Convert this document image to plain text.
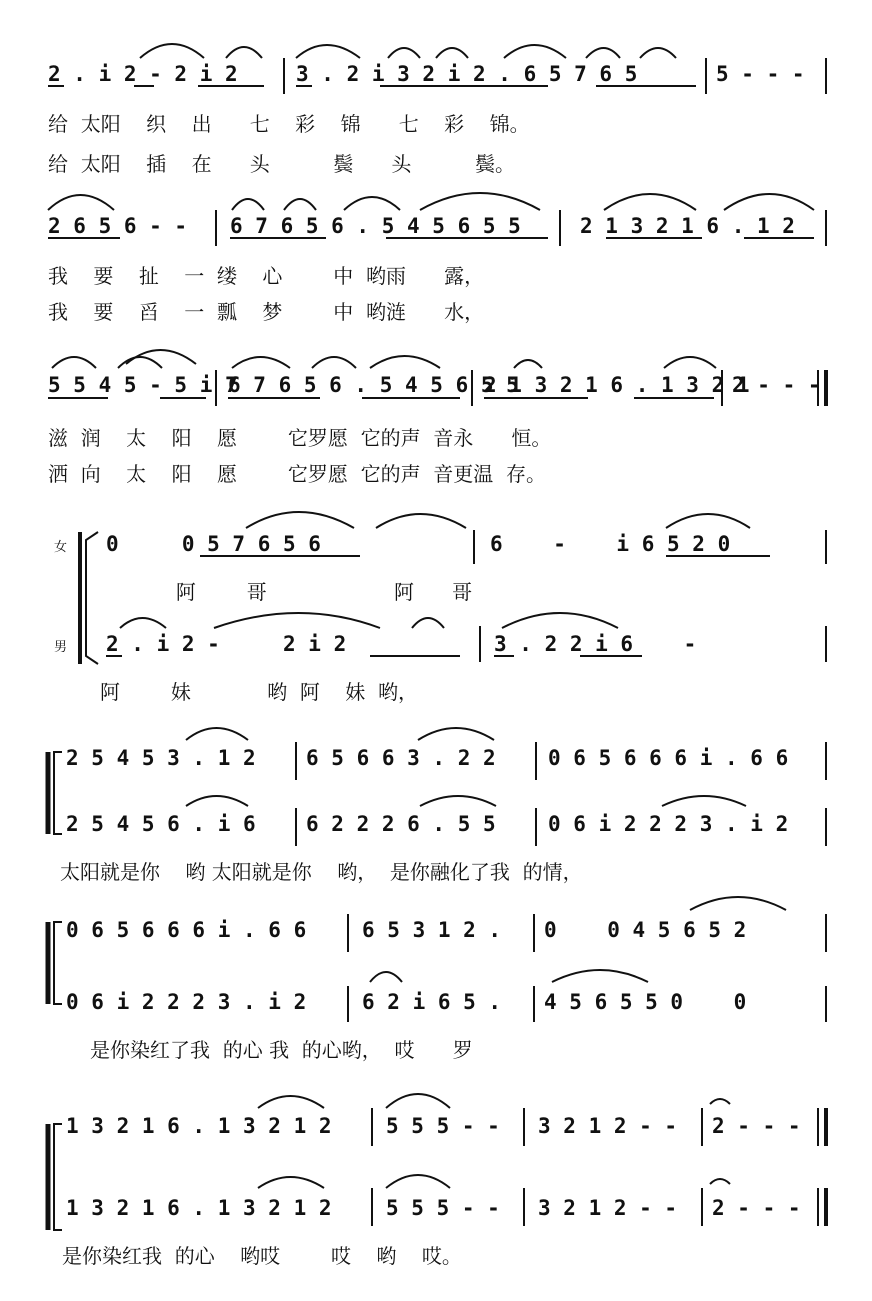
2 . i 2 - 2 i 2	3 . 2 i 3 2 i 2 . 6 5 7 6 5	5 - - -
给  太阳    织    出      七    彩    锦      七    彩    锦。
给  太阳    插    在      头          鬓      头          鬓。
2 6 5 6 - - 6 7 6 5 6 . 5 4 5 6 5 5	2 1 3 2 1 6 . 1 2
我    要    扯    一  缕    心        中  哟雨      露，
我    要    舀    一  瓢    梦        中  哟涟      水，
5 5 4 5 - 5 i 7
6 7 6 5 6 . 5 4 5 6 5 5
2 1 3 2 1 6 . 1 3 2 1
2 - - -
滋  润    太    阳    愿        它罗愿  它的声  音永      恒。
洒  向    太    阳    愿        它罗愿  它的声  音更温  存。
女
男
0     0 5 7 6 5 6	6    -    i 6 5 2 0
阿        哥                    阿      哥
2 . i 2 -     2 i 2	3 . 2 2 i 6    -
阿        妹            哟  阿    妹  哟，
2 5 4 5 3 . 1 2 6 5 6 6 3 . 2 2 0 6 5 6 6 6 i . 6 6
2 5 4 5 6 . i 6 6 2 2 2 6 . 5 5 0 6 i 2 2 2 3 . i 2
太阳就是你    哟 太阳就是你    哟，  是你融化了我  的情，
0 6 5 6 6 6 i . 6 6	6 5 3 1 2 . 0    0 4 5 6 5 2
0 6 i 2 2 2 3 . i 2	6 2 i 6 5 . 4 5 6 5 5 0    0
是你染红了我  的心 我  的心哟，  哎      罗
1 3 2 1 6 . 1 3 2 1 2	5 5 5 - - 3 2 1 2 - - 2 - - -
1 3 2 1 6 . 1 3 2 1 2	5 5 5 - - 3 2 1 2 - - 2 - - -
是你染红我  的心    哟哎        哎    哟    哎。
